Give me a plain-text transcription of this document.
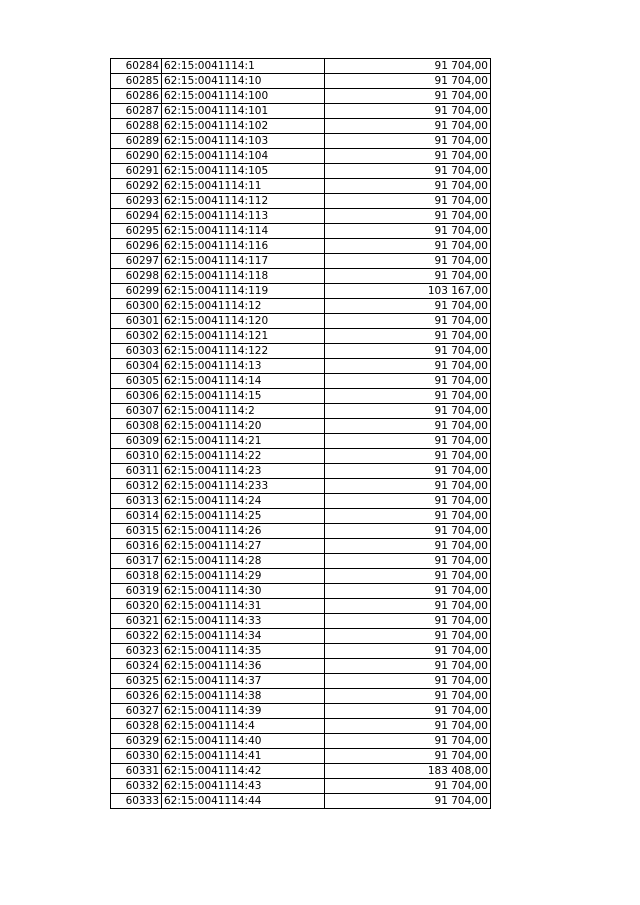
60284	62:15:0041114:1	91 704,00
60285	62:15:0041114:10	91 704,00
60286	62:15:0041114:100	91 704,00
60287	62:15:0041114:101	91 704,00
60288	62:15:0041114:102	91 704,00
60289	62:15:0041114:103	91 704,00
60290	62:15:0041114:104	91 704,00
60291	62:15:0041114:105	91 704,00
60292	62:15:0041114:11	91 704,00
60293	62:15:0041114:112	91 704,00
60294	62:15:0041114:113	91 704,00
60295	62:15:0041114:114	91 704,00
60296	62:15:0041114:116	91 704,00
60297	62:15:0041114:117	91 704,00
60298	62:15:0041114:118	91 704,00
60299	62:15:0041114:119	103 167,00
60300	62:15:0041114:12	91 704,00
60301	62:15:0041114:120	91 704,00
60302	62:15:0041114:121	91 704,00
60303	62:15:0041114:122	91 704,00
60304	62:15:0041114:13	91 704,00
60305	62:15:0041114:14	91 704,00
60306	62:15:0041114:15	91 704,00
60307	62:15:0041114:2	91 704,00
60308	62:15:0041114:20	91 704,00
60309	62:15:0041114:21	91 704,00
60310	62:15:0041114:22	91 704,00
60311	62:15:0041114:23	91 704,00
60312	62:15:0041114:233	91 704,00
60313	62:15:0041114:24	91 704,00
60314	62:15:0041114:25	91 704,00
60315	62:15:0041114:26	91 704,00
60316	62:15:0041114:27	91 704,00
60317	62:15:0041114:28	91 704,00
60318	62:15:0041114:29	91 704,00
60319	62:15:0041114:30	91 704,00
60320	62:15:0041114:31	91 704,00
60321	62:15:0041114:33	91 704,00
60322	62:15:0041114:34	91 704,00
60323	62:15:0041114:35	91 704,00
60324	62:15:0041114:36	91 704,00
60325	62:15:0041114:37	91 704,00
60326	62:15:0041114:38	91 704,00
60327	62:15:0041114:39	91 704,00
60328	62:15:0041114:4	91 704,00
60329	62:15:0041114:40	91 704,00
60330	62:15:0041114:41	91 704,00
60331	62:15:0041114:42	183 408,00
60332	62:15:0041114:43	91 704,00
60333	62:15:0041114:44	91 704,00
